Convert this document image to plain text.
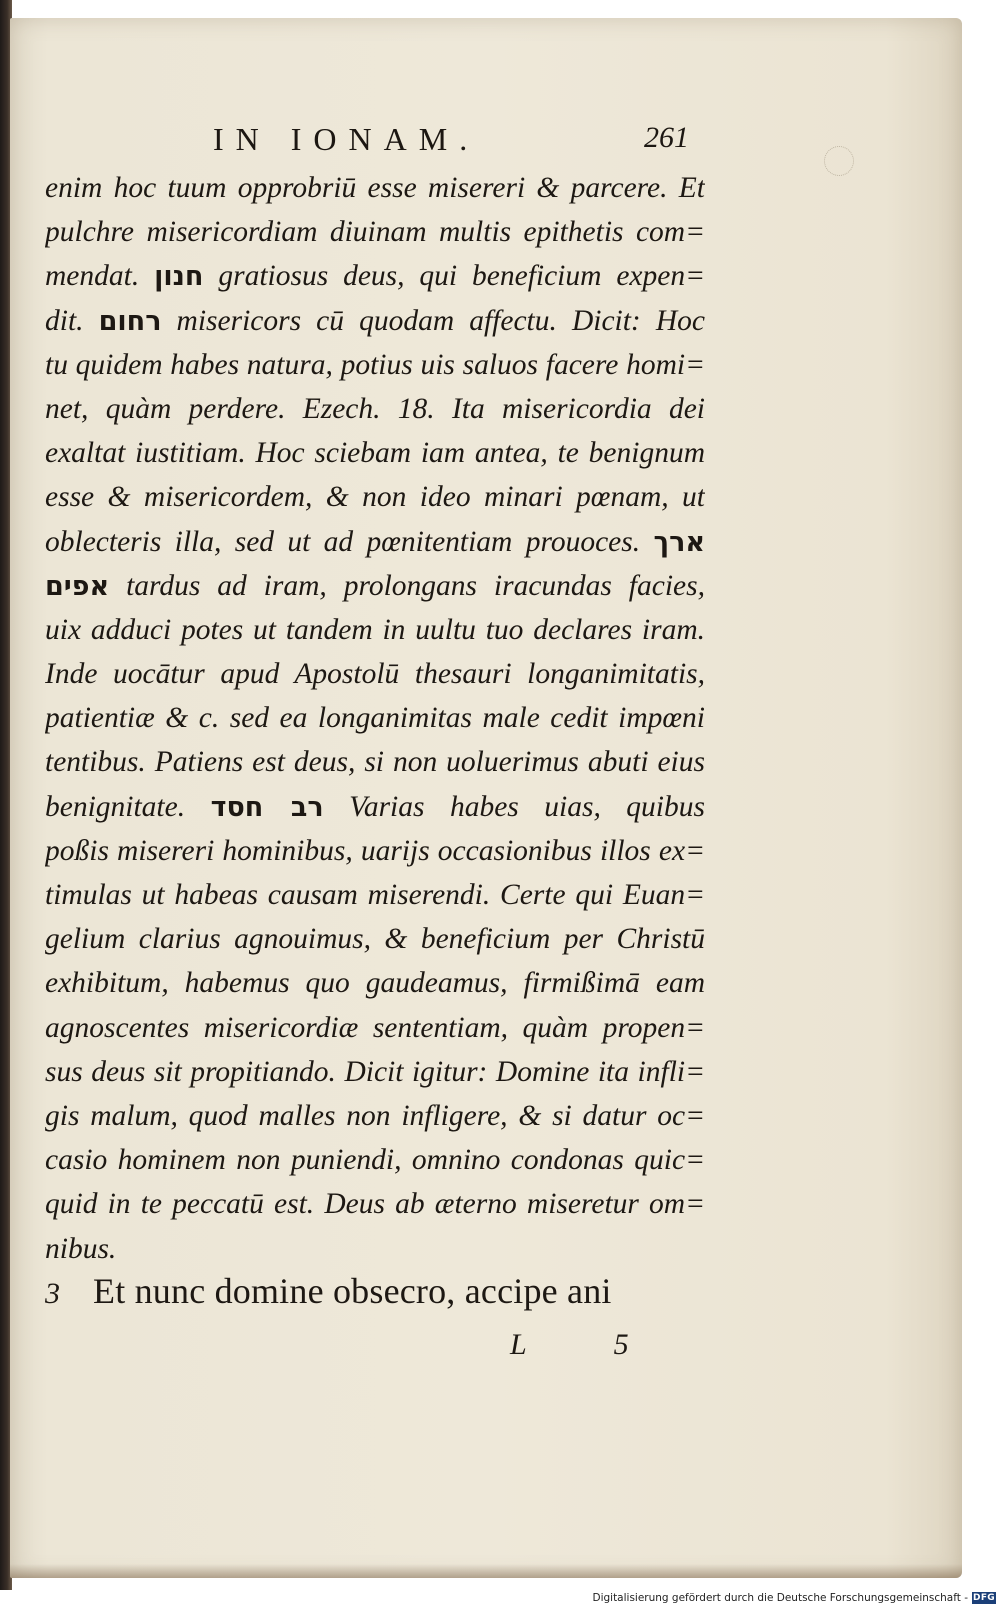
IN IONAM.	261
enim hoc tuum opprobriū esse misereri & parcere. Et
pulchre misericordiam diuinam multis epithetis com=
mendat. חנון gratiosus deus, qui beneficium expen=
dit. רחום misericors cū quodam affectu. Dicit: Hoc
tu quidem habes natura, potius uis saluos facere homi=
net, quàm perdere. Ezech. 18. Ita misericordia dei
exaltat iustitiam. Hoc sciebam iam antea, te benignum
esse & misericordem, & non ideo minari pœnam, ut
oblecteris illa, sed ut ad pœnitentiam prouoces. ארך
אפים tardus ad iram, prolongans iracundas facies,
uix adduci potes ut tandem in uultu tuo declares iram.
Inde uocātur apud Apostolū thesauri longanimitatis,
patientiæ & c. sed ea longanimitas male cedit impœni
tentibus. Patiens est deus, si non uoluerimus abuti eius
benignitate. רב חסד Varias habes uias, quibus
poßis misereri hominibus, uarijs occasionibus illos ex=
timulas ut habeas causam miserendi. Certe qui Euan=
gelium clarius agnouimus, & beneficium per Christū
exhibitum, habemus quo gaudeamus, firmißimā eam
agnoscentes misericordiæ sententiam, quàm propen=
sus deus sit propitiando. Dicit igitur: Domine ita infli=
gis malum, quod malles non infligere, & si datur oc=
casio hominem non puniendi, omnino condonas quic=
quid in te peccatū est. Deus ab æterno miseretur om=
nibus.
3 Et nunc domine obsecro, accipe ani
L 5
Digitalisierung gefördert durch die Deutsche Forschungsgemeinschaft - DFG
